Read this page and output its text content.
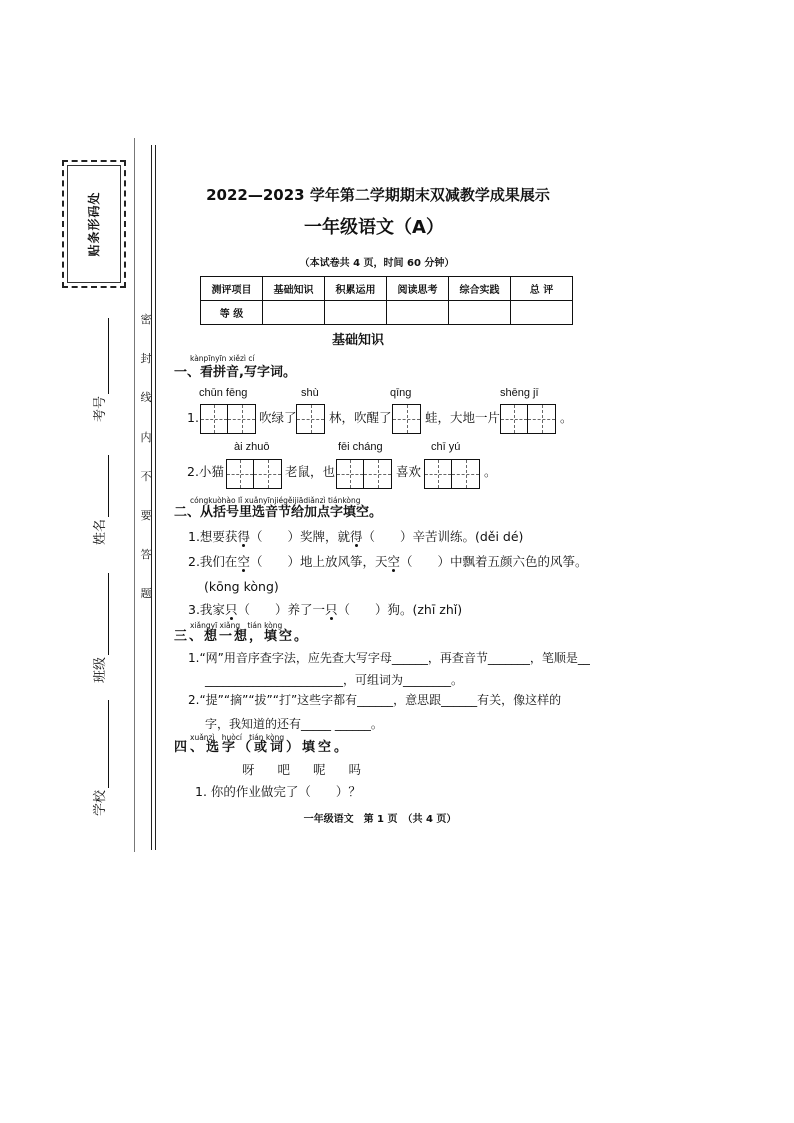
贴条形码处
考号
姓名
班级
学校
密
封
线
内
不
要
答
题
2022—2023 学年第二学期期末双减教学成果展示
一年级语文（A）
（本试卷共 4 页，时间 60 分钟）
测评项目	基础知识	积累运用	阅读思考	综合实践	总 评
等 级					
基础知识
kànpīnyīn xiězì cí
一、看拼音,写字词。
chūn fēng	shù	qīng	shēng jī
1.	吹绿了	林，吹醒了	蛙，大地一片	。
ài zhuō	fēi cháng	chī yú
2.小猫	老鼠，也	喜欢	。
cóngkuòhào lǐ xuǎnyīnjiégěijiādiǎnzì tiánkòng
二、从括号里选音节给加点字填空。
1.想要获得（　　）奖牌，就得（　　）辛苦训练。(děi dé)
2.我们在空（　　）地上放风筝，天空（　　）中飘着五颜六色的风筝。
(kōng kòng)
3.我家只（　　）养了一只（　　）狗。(zhī zhǐ)
xiǎngyī xiǎng   tián kòng
三、想一想，填空。
1.“网”用音序查字法，应先查大写字母______，再查音节_______，笔顺是__
_______________________，可组词为________。
2.“提”“摘”“拔”“打”这些字都有______，意思跟______有关，像这样的
字，我知道的还有_____ ______。
xuǎnzì   huòcí   tián kòng
四、选字（或词）填空。
呀 吧 呢 吗
1. 你的作业做完了（　　）？
一年级语文　第 1 页　（共 4 页）
